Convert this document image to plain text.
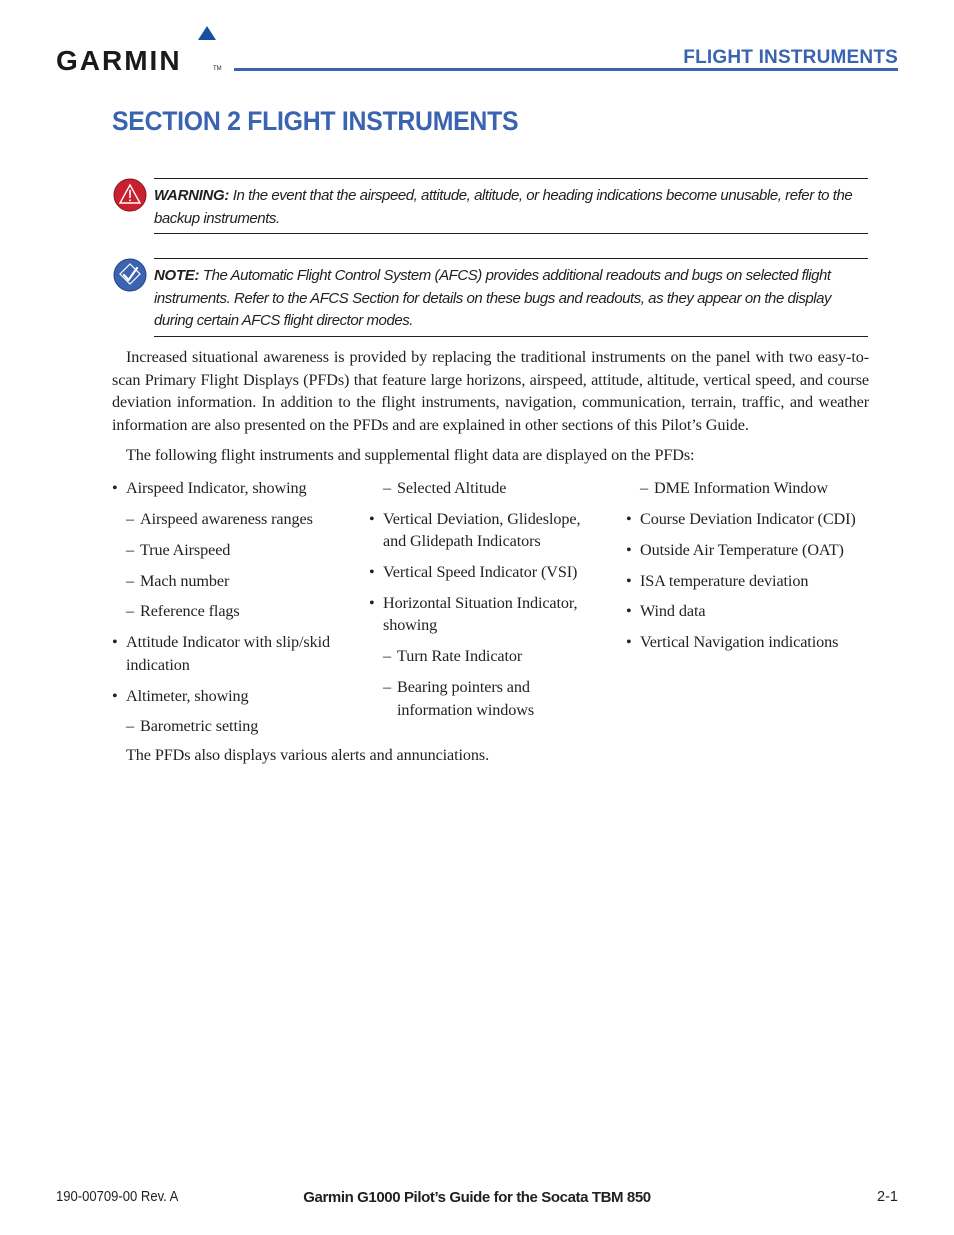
GARMIN	TM
FLIGHT INSTRUMENTS
SECTION 2 FLIGHT INSTRUMENTS
WARNING: In the event that the airspeed, attitude, altitude, or heading indications become unusable, refer to the backup instruments.
NOTE: The Automatic Flight Control System (AFCS) provides additional readouts and bugs on selected flight instruments. Refer to the AFCS Section for details on these bugs and readouts, as they appear on the display during certain AFCS flight director modes.
Increased situational awareness is provided by replacing the traditional instruments on the panel with two easy-to-scan Primary Flight Displays (PFDs) that feature large horizons, airspeed, attitude, altitude, vertical speed, and course deviation information. In addition to the flight instruments, navigation, communication, terrain, traffic, and weather information are also presented on the PFDs and are explained in other sections of this Pilot’s Guide.
The following flight instruments and supplemental flight data are displayed on the PFDs:
• Airspeed Indicator, showing
– Airspeed awareness ranges
– True Airspeed
– Mach number
– Reference flags
• Attitude Indicator with slip/skid
indication
• Altimeter, showing
– Barometric setting
– Selected Altitude
• Vertical Deviation, Glideslope,
and Glidepath Indicators
• Vertical Speed Indicator (VSI)
• Horizontal Situation Indicator,
showing
– Turn Rate Indicator
– Bearing pointers and
information windows
– DME Information Window
• Course Deviation Indicator (CDI)
• Outside Air Temperature (OAT)
• ISA temperature deviation
• Wind data
• Vertical Navigation indications
The PFDs also displays various alerts and annunciations.
190-00709-00 Rev. A	Garmin G1000 Pilot’s Guide for the Socata TBM 850	2-1
